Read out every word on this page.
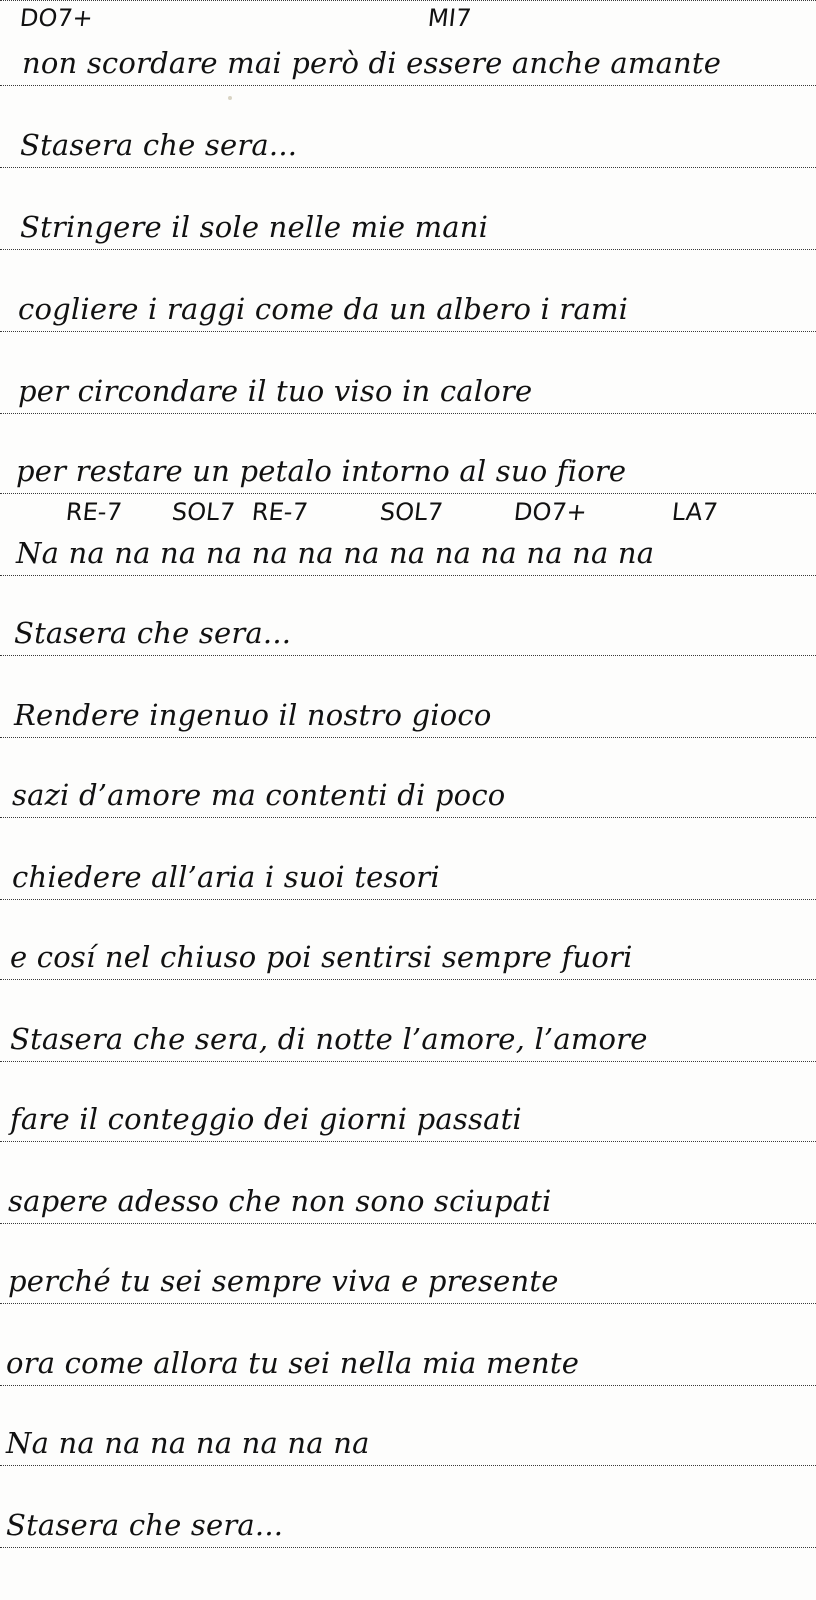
DO7+	MI7
RE-7 SOL7 RE-7	SOL7	DO7+	LA7
non scordare mai però di essere anche amante
Stasera che sera...
Stringere il sole nelle mie mani
cogliere i raggi come da un albero i rami
per circondare il tuo viso in calore
per restare un petalo intorno al suo fiore
Na na na na na na na na na na na na na na
Stasera che sera...
Rendere ingenuo il nostro gioco
sazi d’amore ma contenti di poco
chiedere all’aria i suoi tesori
e cosí nel chiuso poi sentirsi sempre fuori
Stasera che sera, di notte l’amore, l’amore
fare il conteggio dei giorni passati
sapere adesso che non sono sciupati
perché tu sei sempre viva e presente
ora come allora tu sei nella mia mente
Na na na na na na na na
Stasera che sera...
